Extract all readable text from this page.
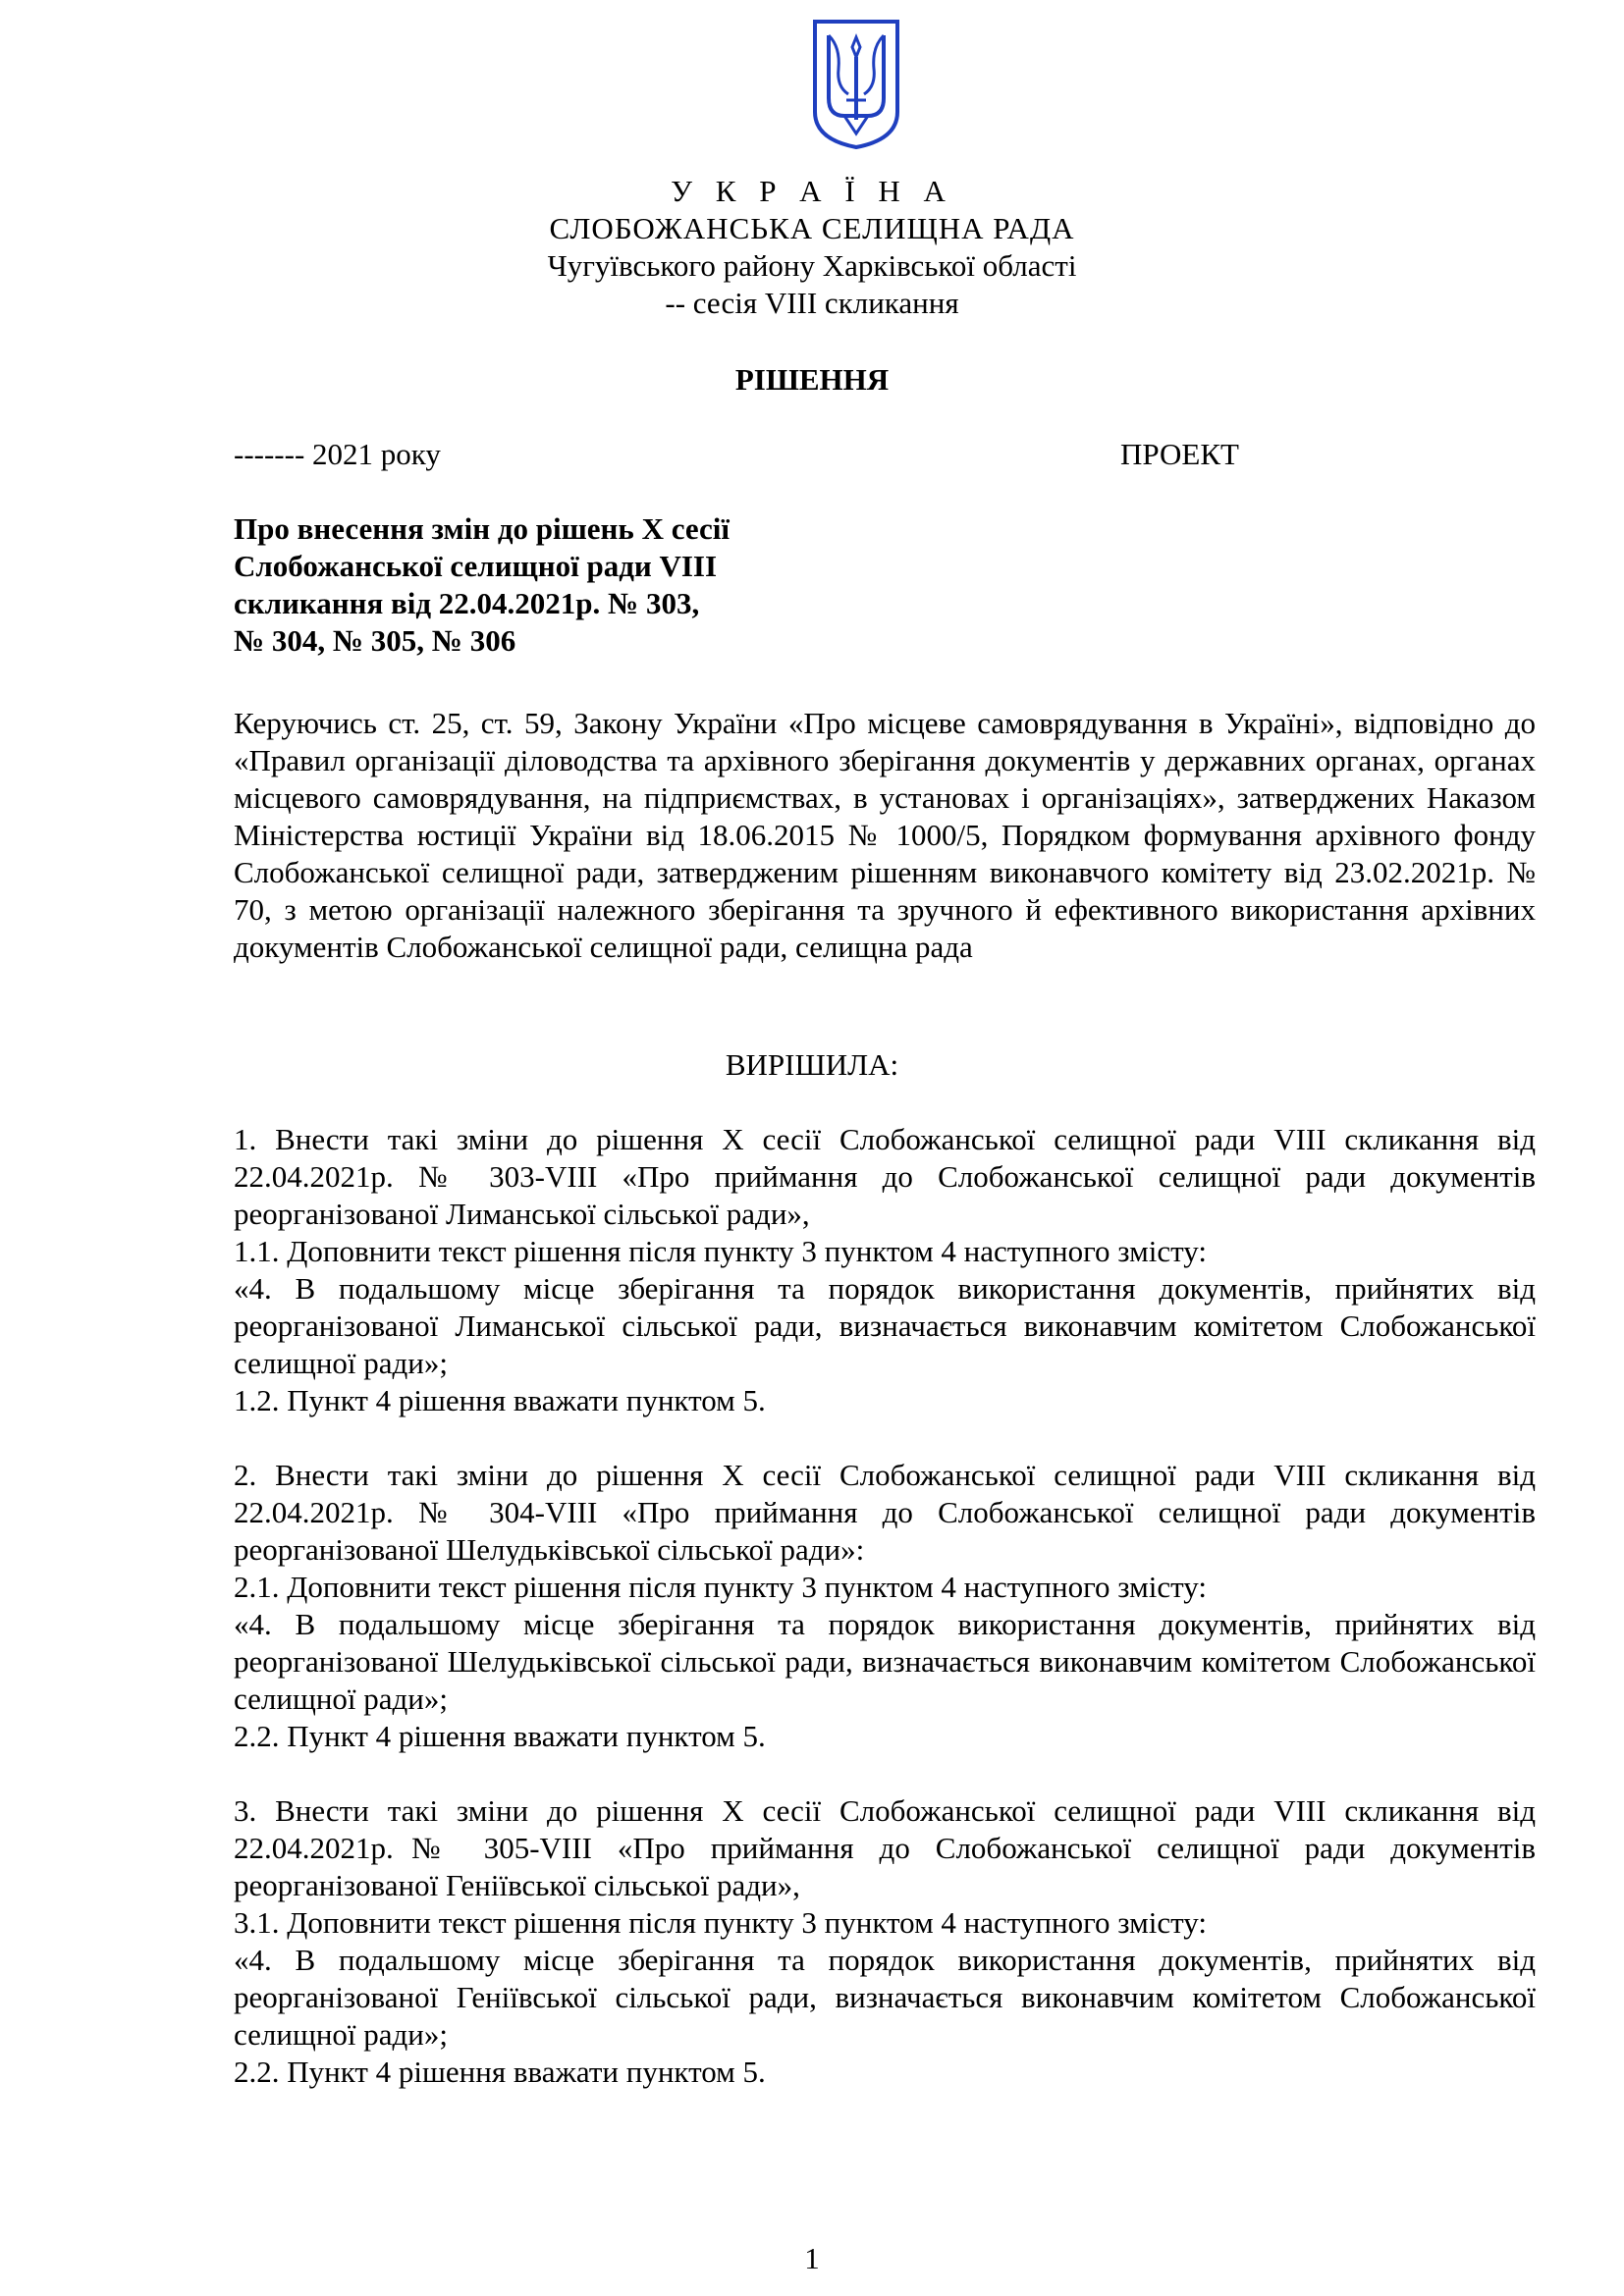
У К Р А Ї Н А
СЛОБОЖАНСЬКА СЕЛИЩНА РАДА
Чугуївського району Харківської області
-- сесія VIII скликання
РІШЕННЯ
------- 2021 року	ПРОЕКТ
Про внесення змін до рішень X сесії
Слобожанської селищної ради VIII
скликання від 22.04.2021р. № 303,
№ 304, № 305, № 306

Керуючись ст. 25, ст. 59, Закону України «Про місцеве самоврядування в Україні», відповідно до «Правил організації діловодства та архівного зберігання документів у державних органах, органах місцевого самоврядування, на підприємствах, в установах і організаціях», затверджених Наказом Міністерства юстиції України від 18.06.2015 № 1000/5, Порядком формування архівного фонду Слобожанської селищної ради, затвердженим рішенням виконавчого комітету від 23.02.2021р. № 70, з метою організації належного зберігання та зручного й ефективного використання архівних документів Слобожанської селищної ради, селищна рада

ВИРІШИЛА:

1. Внести такі зміни до рішення X сесії Слобожанської селищної ради VIII скликання від 22.04.2021р. № 303-VIII «Про приймання до Слобожанської селищної ради документів реорганізованої Лиманської сільської ради»,

1.1. Доповнити текст рішення після пункту 3 пунктом 4 наступного змісту:

«4. В подальшому місце зберігання та порядок використання документів, прийнятих від реорганізованої Лиманської сільської ради, визначається виконавчим комітетом Слобожанської селищної ради»;

1.2. Пункт 4 рішення вважати пунктом 5.

2. Внести такі зміни до рішення X сесії Слобожанської селищної ради VIII скликання від 22.04.2021р. № 304-VIII «Про приймання до Слобожанської селищної ради документів реорганізованої Шелудьківської сільської ради»:

2.1. Доповнити текст рішення після пункту 3 пунктом 4 наступного змісту:

«4. В подальшому місце зберігання та порядок використання документів, прийнятих від реорганізованої Шелудьківської сільської ради, визначається виконавчим комітетом Слобожанської селищної ради»;

2.2. Пункт 4 рішення вважати пунктом 5.

3. Внести такі зміни до рішення X сесії Слобожанської селищної ради VIII скликання від 22.04.2021р.№ 305-VIII «Про приймання до Слобожанської селищної ради документів реорганізованої Геніївської сільської ради»,

3.1. Доповнити текст рішення після пункту 3 пунктом 4 наступного змісту:

«4. В подальшому місце зберігання та порядок використання документів, прийнятих від реорганізованої Геніївської сільської ради, визначається виконавчим комітетом Слобожанської селищної ради»;

2.2. Пункт 4 рішення вважати пунктом 5.

1
